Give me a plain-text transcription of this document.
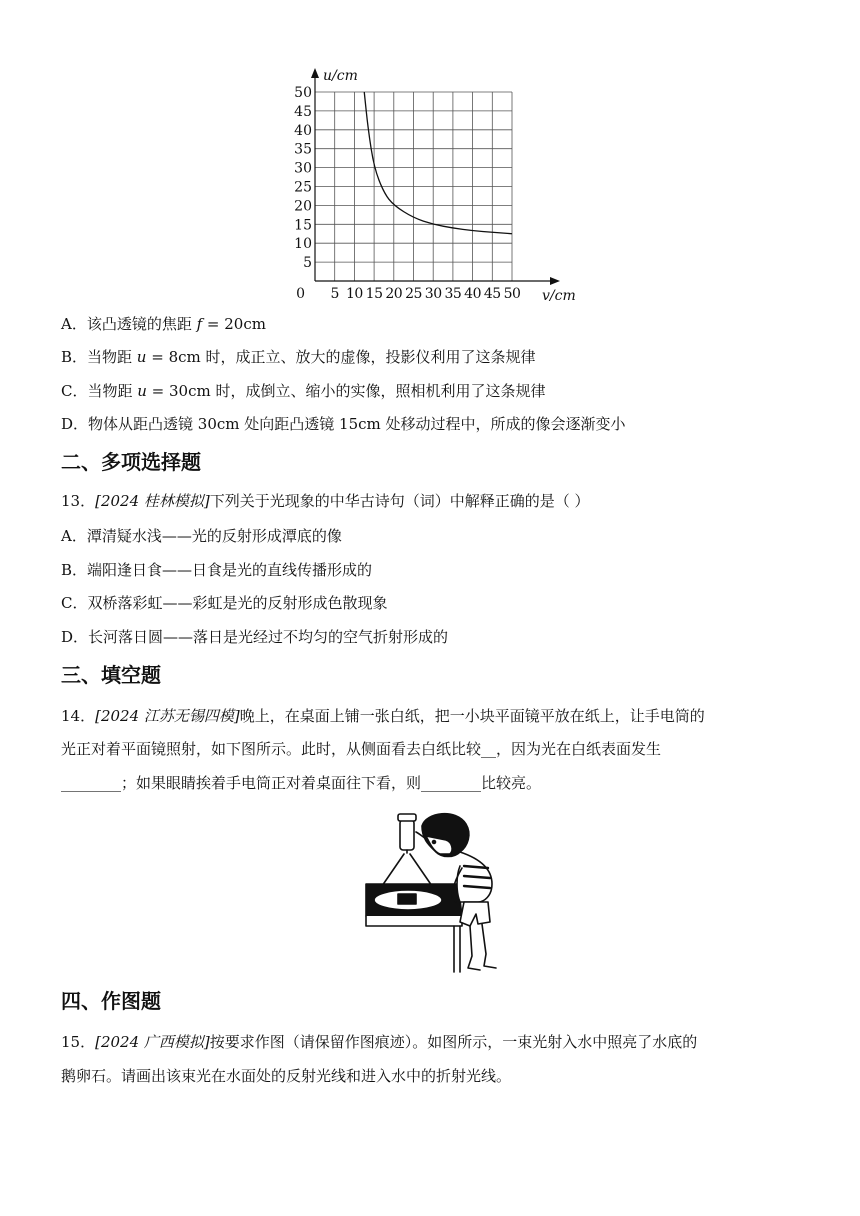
5
10
15
20
25
30
35
40
45
50
5 10 15 20 25 30 35 40 45 50
0
u/cm
v/cm
A．该凸透镜的焦距 𝑓 = 20cm
B．当物距 𝑢 = 8cm 时，成正立、放大的虚像，投影仪利用了这条规律
C．当物距 𝑢 = 30cm 时，成倒立、缩小的实像，照相机利用了这条规律
D．物体从距凸透镜 30cm 处向距凸透镜 15cm 处移动过程中，所成的像会逐渐变小
二、多项选择题
13．[2024 桂林模拟]下列关于光现象的中华古诗句（词）中解释正确的是（ ）
A．潭清疑水浅——光的反射形成潭底的像
B．端阳逢日食——日食是光的直线传播形成的
C．双桥落彩虹——彩虹是光的反射形成色散现象
D．长河落日圆——落日是光经过不均匀的空气折射形成的
三、填空题
14．[2024 江苏无锡四模]晚上，在桌面上铺一张白纸，把一小块平面镜平放在纸上，让手电筒的
光正对着平面镜照射，如下图所示。此时，从侧面看去白纸比较__，因为光在白纸表面发生
________；如果眼睛挨着手电筒正对着桌面往下看，则________比较亮。
四、作图题
15．[2024 广西模拟]按要求作图（请保留作图痕迹）。如图所示，一束光射入水中照亮了水底的
鹅卵石。请画出该束光在水面处的反射光线和进入水中的折射光线。
